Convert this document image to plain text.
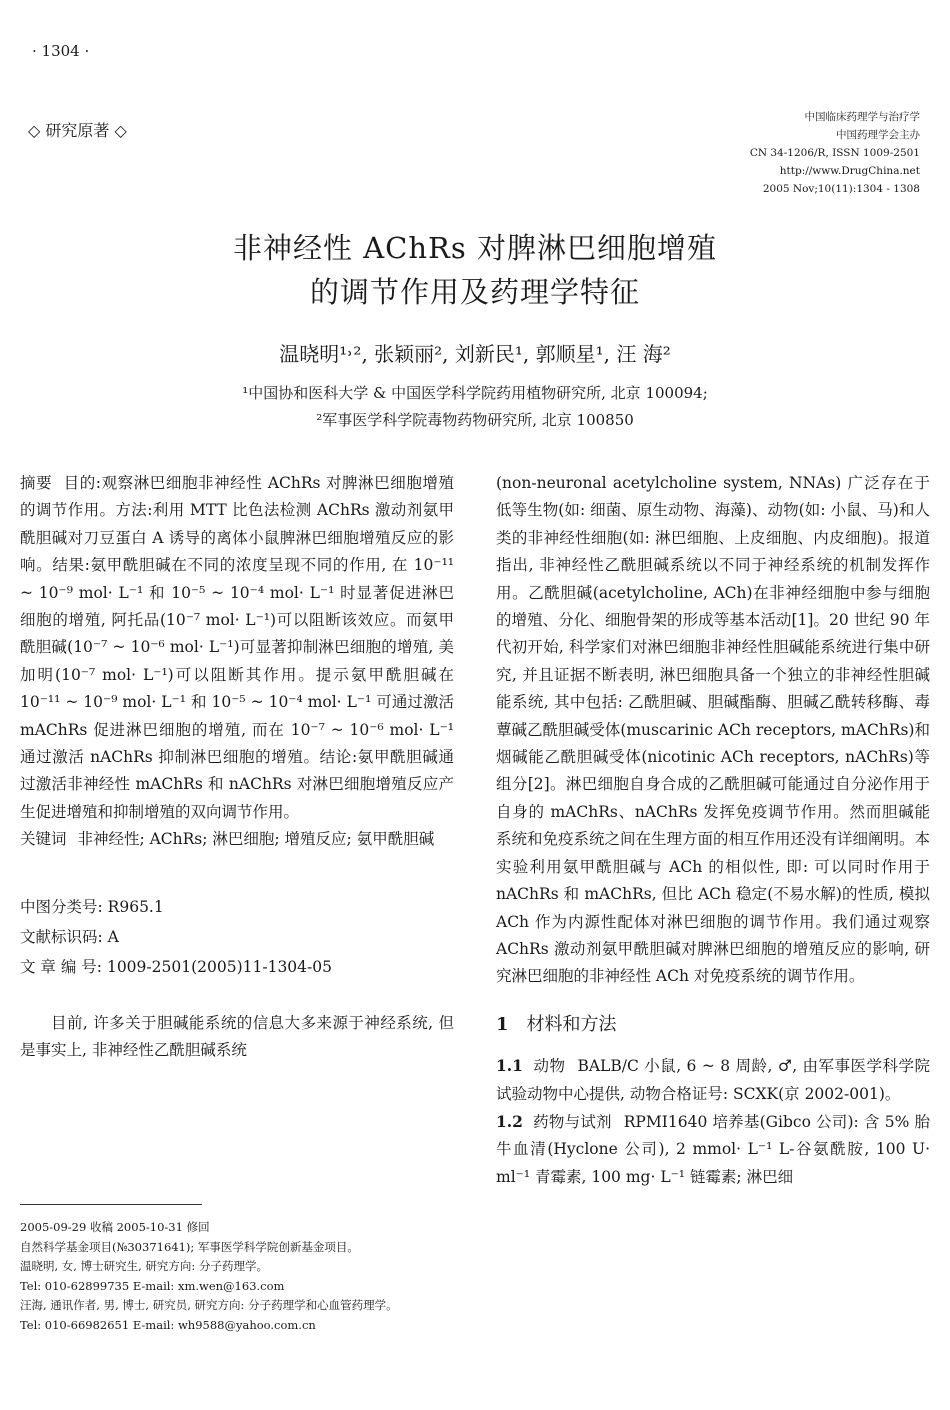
· 1304 ·
◇ 研究原著 ◇
中国临床药理学与治疗学
中国药理学会主办
CN 34-1206/R, ISSN 1009-2501
http://www.DrugChina.net
2005 Nov;10(11):1304 - 1308
非神经性 AChRs 对脾淋巴细胞增殖
的调节作用及药理学特征
温晓明¹˒², 张颖丽², 刘新民¹, 郭顺星¹, 汪 海²
¹中国协和医科大学 & 中国医学科学院药用植物研究所, 北京 100094;
²军事医学科学院毒物药物研究所, 北京 100850

摘要 目的:观察淋巴细胞非神经性 AChRs 对脾淋巴细胞增殖的调节作用。方法:利用 MTT 比色法检测 AChRs 激动剂氨甲酰胆碱对刀豆蛋白 A 诱导的离体小鼠脾淋巴细胞增殖反应的影响。结果:氨甲酰胆碱在不同的浓度呈现不同的作用, 在 10⁻¹¹ ~ 10⁻⁹ mol· L⁻¹ 和 10⁻⁵ ~ 10⁻⁴ mol· L⁻¹ 时显著促进淋巴细胞的增殖, 阿托品(10⁻⁷ mol· L⁻¹)可以阻断该效应。而氨甲酰胆碱(10⁻⁷ ~ 10⁻⁶ mol· L⁻¹)可显著抑制淋巴细胞的增殖, 美加明(10⁻⁷ mol· L⁻¹)可以阻断其作用。提示氨甲酰胆碱在 10⁻¹¹ ~ 10⁻⁹ mol· L⁻¹ 和 10⁻⁵ ~ 10⁻⁴ mol· L⁻¹ 可通过激活 mAChRs 促进淋巴细胞的增殖, 而在 10⁻⁷ ~ 10⁻⁶ mol· L⁻¹ 通过激活 nAChRs 抑制淋巴细胞的增殖。结论:氨甲酰胆碱通过激活非神经性 mAChRs 和 nAChRs 对淋巴细胞增殖反应产生促进增殖和抑制增殖的双向调节作用。

关键词 非神经性; AChRs; 淋巴细胞; 增殖反应; 氨甲酰胆碱

中图分类号: R965.1
文献标识码: A
文 章 编 号: 1009-2501(2005)11-1304-05

目前, 许多关于胆碱能系统的信息大多来源于神经系统, 但是事实上, 非神经性乙酰胆碱系统

2005-09-29 收稿 2005-10-31 修回
自然科学基金项目(№30371641); 军事医学科学院创新基金项目。
温晓明, 女, 博士研究生, 研究方向: 分子药理学。
Tel: 010-62899735 E-mail: xm.wen@163.com
汪海, 通讯作者, 男, 博士, 研究员, 研究方向: 分子药理学和心血管药理学。
Tel: 010-66982651 E-mail: wh9588@yahoo.com.cn

(non-neuronal acetylcholine system, NNAs) 广泛存在于低等生物(如: 细菌、原生动物、海藻)、动物(如: 小鼠、马)和人类的非神经性细胞(如: 淋巴细胞、上皮细胞、内皮细胞)。报道指出, 非神经性乙酰胆碱系统以不同于神经系统的机制发挥作用。乙酰胆碱(acetylcholine, ACh)在非神经细胞中参与细胞的增殖、分化、细胞骨架的形成等基本活动[1]。20 世纪 90 年代初开始, 科学家们对淋巴细胞非神经性胆碱能系统进行集中研究, 并且证据不断表明, 淋巴细胞具备一个独立的非神经性胆碱能系统, 其中包括: 乙酰胆碱、胆碱酯酶、胆碱乙酰转移酶、毒蕈碱乙酰胆碱受体(muscarinic ACh receptors, mAChRs)和烟碱能乙酰胆碱受体(nicotinic ACh receptors, nAChRs)等组分[2]。淋巴细胞自身合成的乙酰胆碱可能通过自分泌作用于自身的 mAChRs、nAChRs 发挥免疫调节作用。然而胆碱能系统和免疫系统之间在生理方面的相互作用还没有详细阐明。本实验利用氨甲酰胆碱与 ACh 的相似性, 即: 可以同时作用于 nAChRs 和 mAChRs, 但比 ACh 稳定(不易水解)的性质, 模拟 ACh 作为内源性配体对淋巴细胞的调节作用。我们通过观察 AChRs 激动剂氨甲酰胆碱对脾淋巴细胞的增殖反应的影响, 研究淋巴细胞的非神经性 ACh 对免疫系统的调节作用。

1 材料和方法

1.1 动物 BALB/C 小鼠, 6 ~ 8 周龄, ♂, 由军事医学科学院试验动物中心提供, 动物合格证号: SCXK(京 2002-001)。

1.2 药物与试剂 RPMI1640 培养基(Gibco 公司): 含 5% 胎牛血清(Hyclone 公司), 2 mmol· L⁻¹ L-谷氨酰胺, 100 U· ml⁻¹ 青霉素, 100 mg· L⁻¹ 链霉素; 淋巴细
